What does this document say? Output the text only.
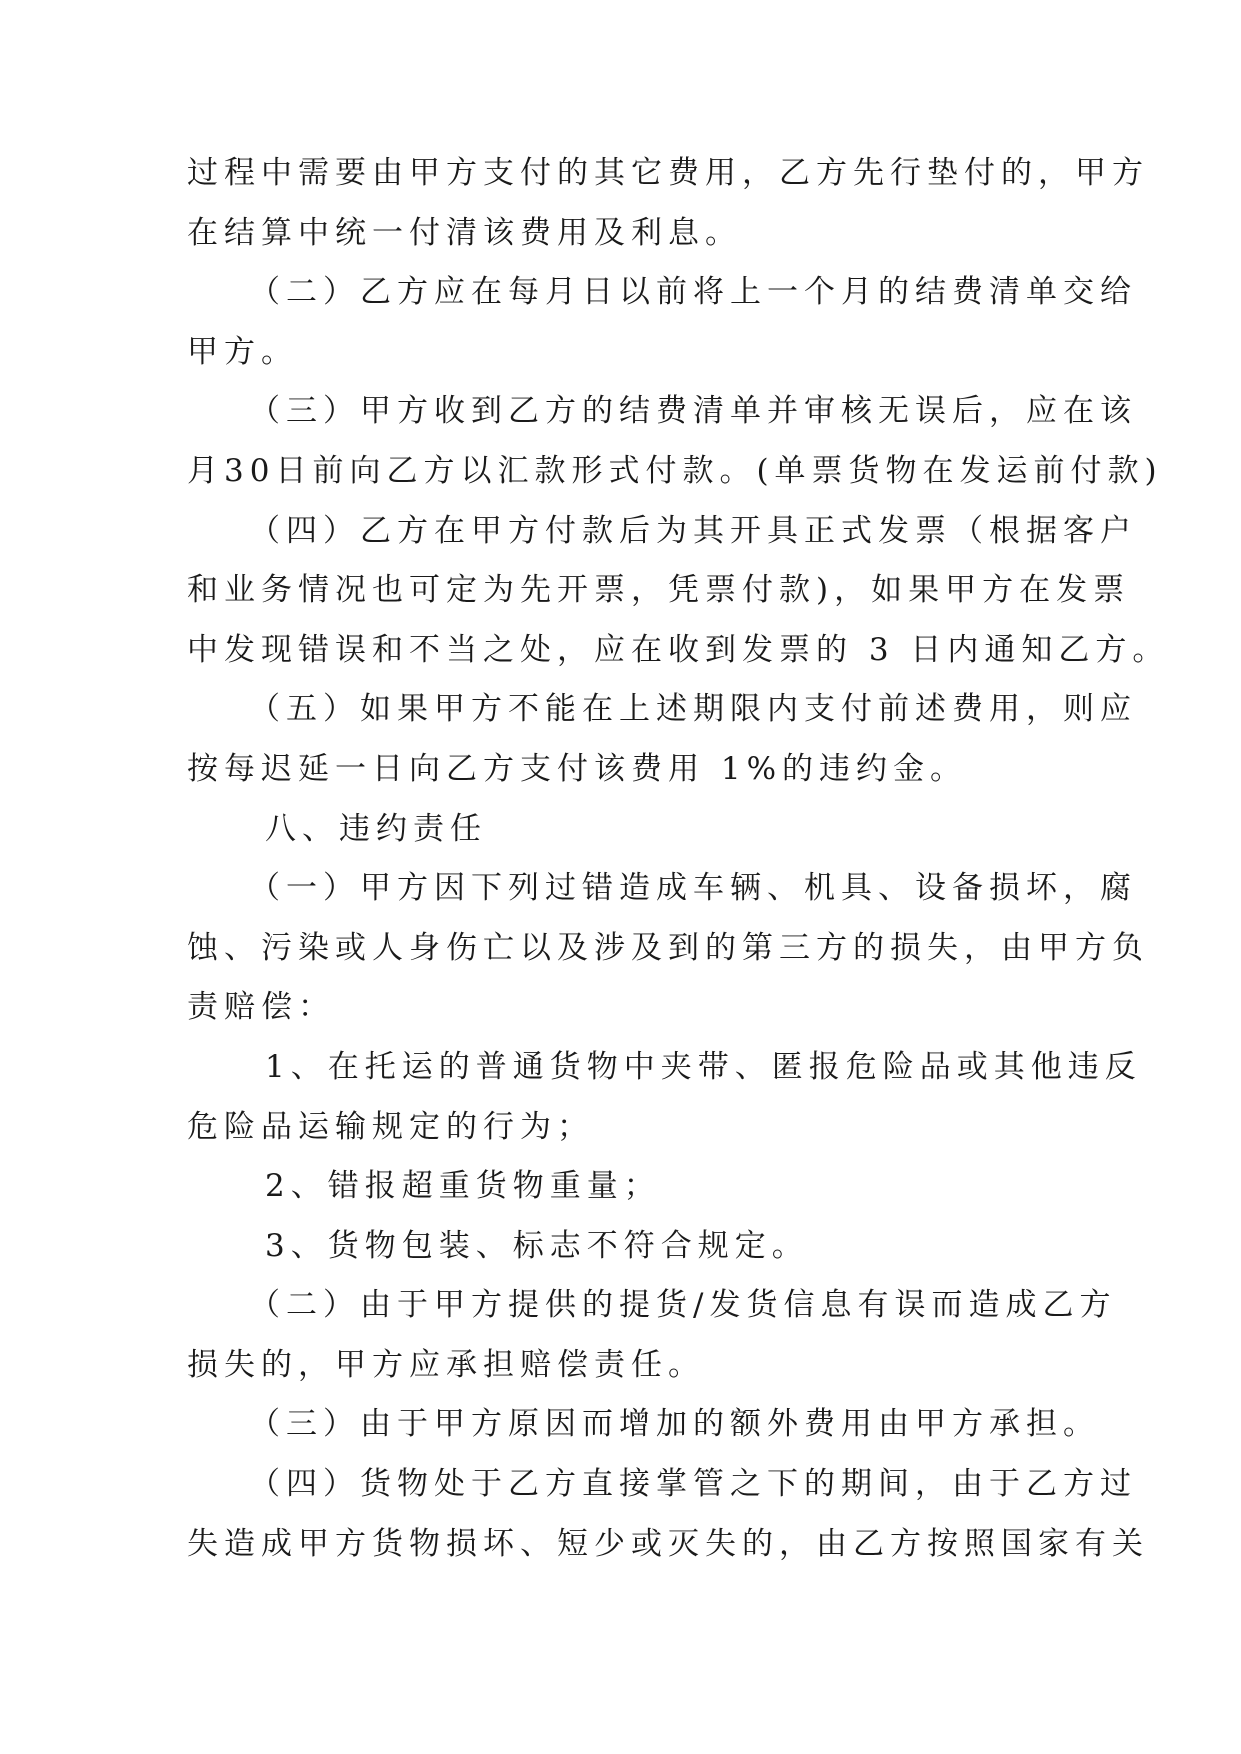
过程中需要由甲方支付的其它费用，乙方先行垫付的，甲方
在结算中统一付清该费用及利息。
（二）乙方应在每月日以前将上一个月的结费清单交给
甲方。
（三）甲方收到乙方的结费清单并审核无误后，应在该
月30日前向乙方以汇款形式付款。(单票货物在发运前付款)
（四）乙方在甲方付款后为其开具正式发票（根据客户
和业务情况也可定为先开票，凭票付款)，如果甲方在发票
中发现错误和不当之处，应在收到发票的 3 日内通知乙方。
（五）如果甲方不能在上述期限内支付前述费用，则应
按每迟延一日向乙方支付该费用 1%的违约金。
八、违约责任
（一）甲方因下列过错造成车辆、机具、设备损坏，腐
蚀、污染或人身伤亡以及涉及到的第三方的损失，由甲方负
责赔偿：
1、在托运的普通货物中夹带、匿报危险品或其他违反
危险品运输规定的行为；
2、错报超重货物重量；
3、货物包装、标志不符合规定。
（二）由于甲方提供的提货/发货信息有误而造成乙方
损失的，甲方应承担赔偿责任。
（三）由于甲方原因而增加的额外费用由甲方承担。
（四）货物处于乙方直接掌管之下的期间，由于乙方过
失造成甲方货物损坏、短少或灭失的，由乙方按照国家有关
